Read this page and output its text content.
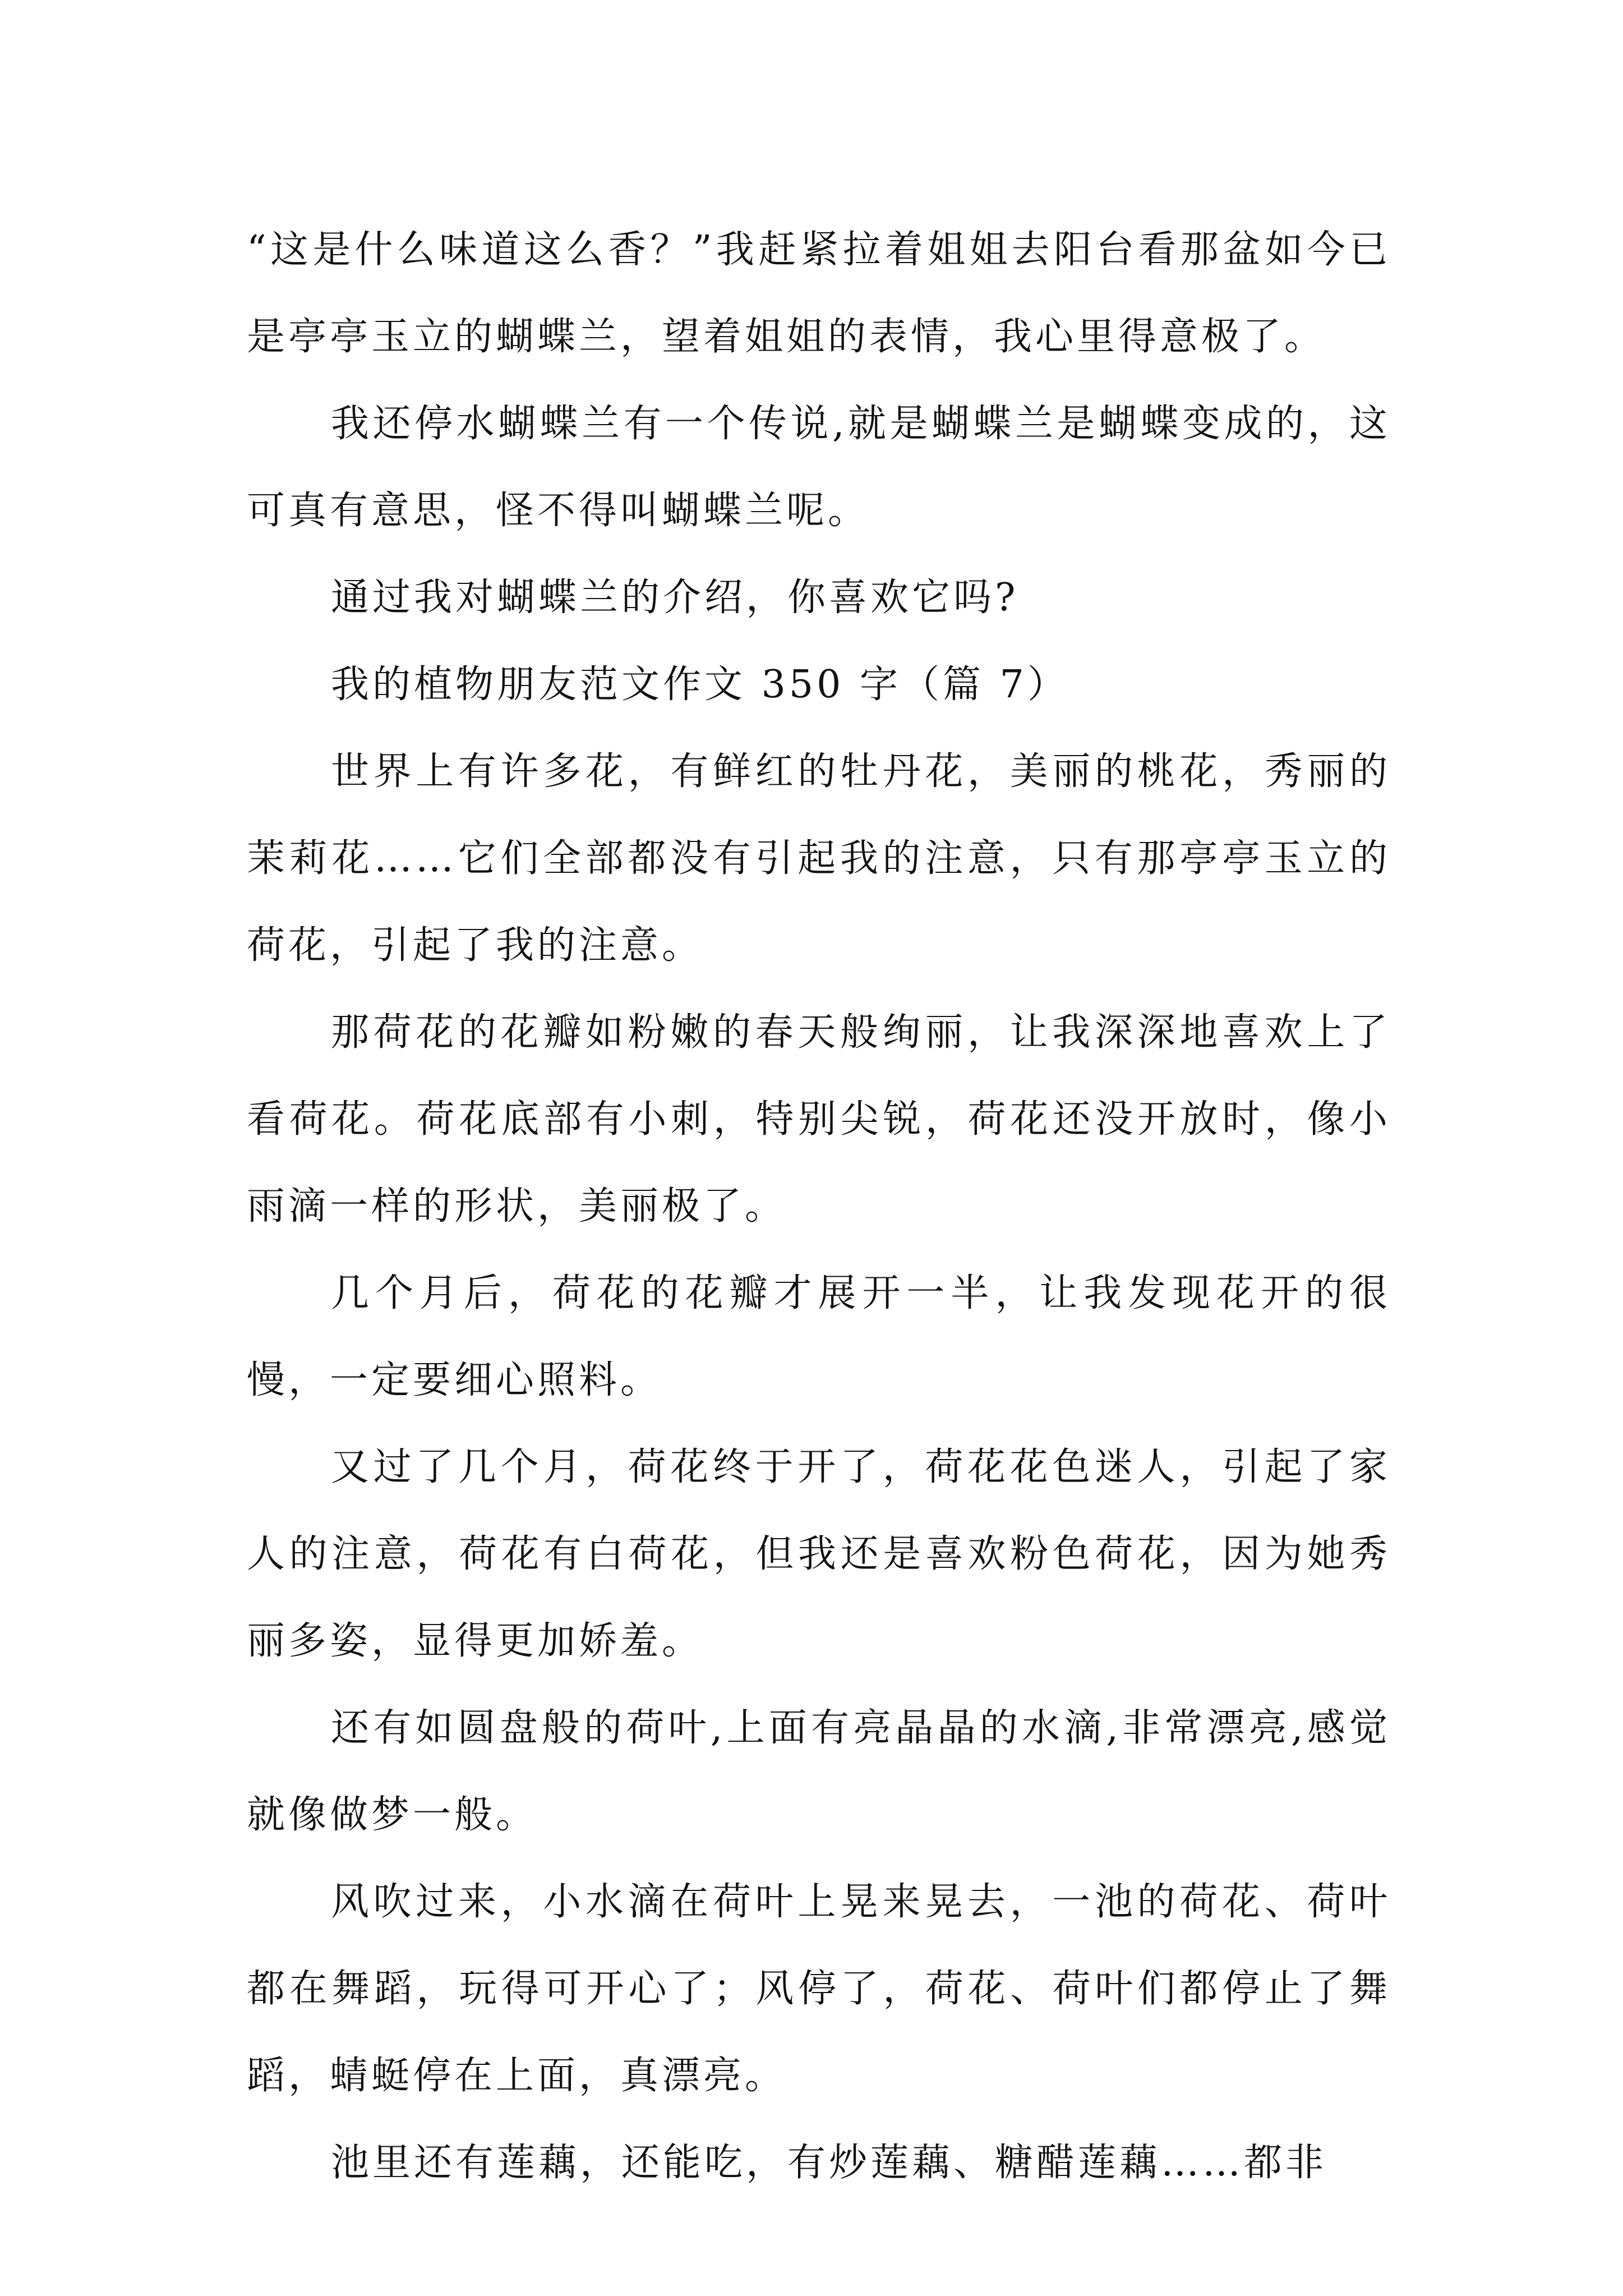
“这是什么味道这么香？”我赶紧拉着姐姐去阳台看那盆如今已是亭亭玉立的蝴蝶兰，望着姐姐的表情，我心里得意极了。

我还停水蝴蝶兰有一个传说,就是蝴蝶兰是蝴蝶变成的，这可真有意思，怪不得叫蝴蝶兰呢。

通过我对蝴蝶兰的介绍，你喜欢它吗?

我的植物朋友范文作文 350 字（篇 7）

世界上有许多花，有鲜红的牡丹花，美丽的桃花，秀丽的茉莉花……它们全部都没有引起我的注意，只有那亭亭玉立的荷花，引起了我的注意。

那荷花的花瓣如粉嫩的春天般绚丽，让我深深地喜欢上了看荷花。荷花底部有小刺，特别尖锐，荷花还没开放时，像小雨滴一样的形状，美丽极了。

几个月后，荷花的花瓣才展开一半，让我发现花开的很慢，一定要细心照料。

又过了几个月，荷花终于开了，荷花花色迷人，引起了家人的注意，荷花有白荷花，但我还是喜欢粉色荷花，因为她秀丽多姿，显得更加娇羞。

还有如圆盘般的荷叶,上面有亮晶晶的水滴,非常漂亮,感觉就像做梦一般。

风吹过来，小水滴在荷叶上晃来晃去，一池的荷花、荷叶都在舞蹈，玩得可开心了；风停了，荷花、荷叶们都停止了舞蹈，蜻蜓停在上面，真漂亮。

池里还有莲藕，还能吃，有炒莲藕、糖醋莲藕……都非
